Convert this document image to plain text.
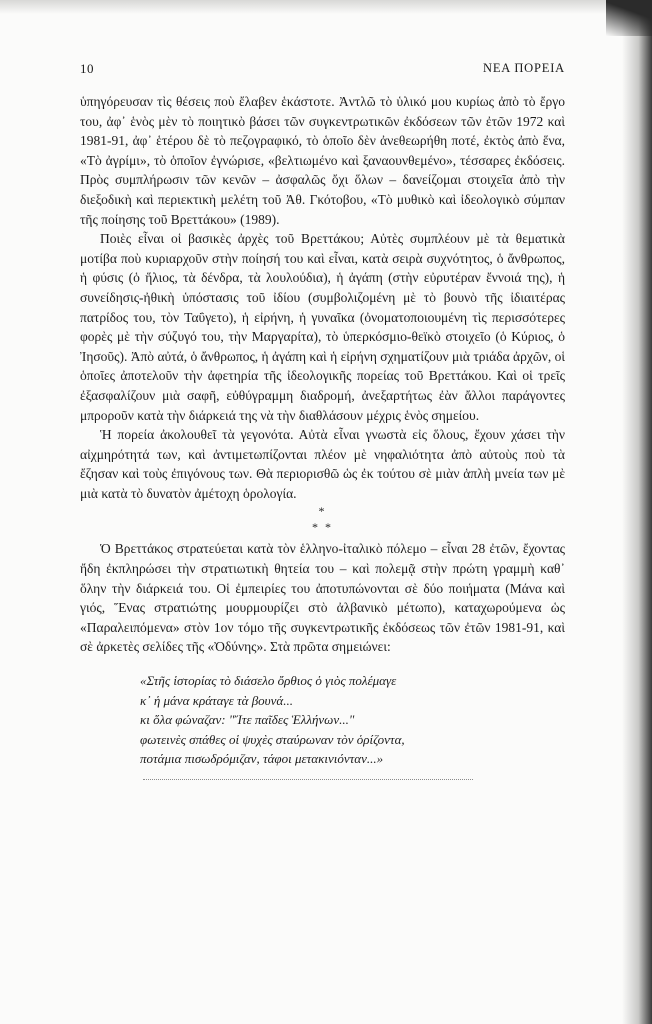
10	ΝΕΑ ΠΟΡΕΙΑ

ὑπηγόρευσαν τὶς θέσεις ποὺ ἔλαβεν ἑκάστοτε. Ἀντλῶ τὸ ὑλικό μου κυρίως ἀπὸ τὸ ἔργο του, ἀφ᾽ ἑνὸς μὲν τὸ ποιητικὸ βάσει τῶν συγκεντρωτικῶν ἐκδόσεων τῶν ἐτῶν 1972 καὶ 1981-91, ἀφ᾽ ἑτέρου δὲ τὸ πεζογραφικό, τὸ ὁποῖο δὲν ἀνεθεωρήθη ποτέ, ἐκτὸς ἀπὸ ἕνα, «Τὸ ἀγρίμι», τὸ ὁποῖον ἐγνώρισε, «βελτιωμένο καὶ ξαναουνθεμένο», τέσσαρες ἐκδόσεις. Πρὸς συμπλήρωσιν τῶν κενῶν – ἀσφαλῶς ὄχι ὅλων – δανείζομαι στοιχεῖα ἀπὸ τὴν διεξοδικὴ καὶ περιεκτικὴ μελέτη τοῦ Ἀθ. Γκότοβου, «Τὸ μυθικὸ καὶ ἰδεολογικὸ σύμπαν τῆς ποίησης τοῦ Βρεττάκου» (1989).

Ποιὲς εἶναι οἱ βασικὲς ἀρχὲς τοῦ Βρεττάκου; Αὐτὲς συμπλέουν μὲ τὰ θεματικὰ μοτίβα ποὺ κυριαρχοῦν στὴν ποίησή του καὶ εἶναι, κατὰ σειρὰ συχνότητος, ὁ ἄνθρωπος, ἡ φύσις (ὁ ἥλιος, τὰ δένδρα, τὰ λουλούδια), ἡ ἀγάπη (στὴν εὐρυτέραν ἔννοιά της), ἡ συνείδησις-ἠθικὴ ὑπόστασις τοῦ ἰδίου (συμβολιζομένη μὲ τὸ βουνὸ τῆς ἰδιαιτέρας πατρίδος του, τὸν Ταΰγετο), ἡ εἰρήνη, ἡ γυναῖκα (ὀνοματοποιουμένη τὶς περισσότερες φορὲς μὲ τὴν σύζυγό του, τὴν Μαργαρίτα), τὸ ὑπερκόσμιο-θεϊκὸ στοιχεῖο (ὁ Κύριος, ὁ Ἰησοῦς). Ἀπὸ αὐτά, ὁ ἄνθρωπος, ἡ ἀγάπη καὶ ἡ εἰρήνη σχηματίζουν μιὰ τριάδα ἀρχῶν, οἱ ὁποῖες ἀποτελοῦν τὴν ἀφετηρία τῆς ἰδεολογικῆς πορείας τοῦ Βρεττάκου. Καὶ οἱ τρεῖς ἐξασφαλίζουν μιὰ σαφῆ, εὐθύγραμμη διαδρομή, ἀνεξαρτήτως ἐὰν ἄλλοι παράγοντες μπροροῦν κατὰ τὴν διάρκειά της νὰ τὴν διαθλάσουν μέχρις ἑνὸς σημείου.

Ἡ πορεία ἀκολουθεῖ τὰ γεγονότα. Αὐτὰ εἶναι γνωστὰ εἰς ὅλους, ἔχουν χάσει τὴν αἰχμηρότητά των, καὶ ἀντιμετωπίζονται πλέον μὲ νηφαλιότητα ἀπὸ αὐτοὺς ποὺ τὰ ἔζησαν καὶ τοὺς ἐπιγόνους των. Θὰ περιορισθῶ ὡς ἐκ τούτου σὲ μιὰν ἁπλὴ μνεία των μὲ μιὰ κατὰ τὸ δυνατὸν ἀμέτοχη ὁρολογία.

*
* *

Ὁ Βρεττάκος στρατεύεται κατὰ τὸν ἑλληνο-ἰταλικὸ πόλεμο – εἶναι 28 ἐτῶν, ἔχοντας ἤδη ἐκπληρώσει τὴν στρατιωτικὴ θητεία του – καὶ πολεμᾷ στὴν πρώτη γραμμὴ καθ᾽ ὅλην τὴν διάρκειά του. Οἱ ἐμπειρίες του ἀποτυπώνονται σὲ δύο ποιήματα (Μάνα καὶ γιός, Ἕνας στρατιώτης μουρμουρίζει στὸ ἀλβανικὸ μέτωπο), καταχωρούμενα ὡς «Παραλειπόμενα» στὸν 1ον τόμο τῆς συγκεντρωτικῆς ἐκδόσεως τῶν ἐτῶν 1981-91, καὶ σὲ ἀρκετὲς σελίδες τῆς «Ὀδύνης». Στὰ πρῶτα σημειώνει:

«Στῆς ἱστορίας τὸ διάσελο ὄρθιος ὁ γιὸς πολέμαγε
κ᾽ ἡ μάνα κράταγε τὰ βουνά...
κι ὅλα φώναζαν: "Ἴτε παῖδες Ἑλλήνων..."
φωτεινὲς σπάθες οἱ ψυχὲς σταύρωναν τὸν ὁρίζοντα,
ποτάμια πισωδρόμιζαν, τάφοι μετακινιόνταν...»
